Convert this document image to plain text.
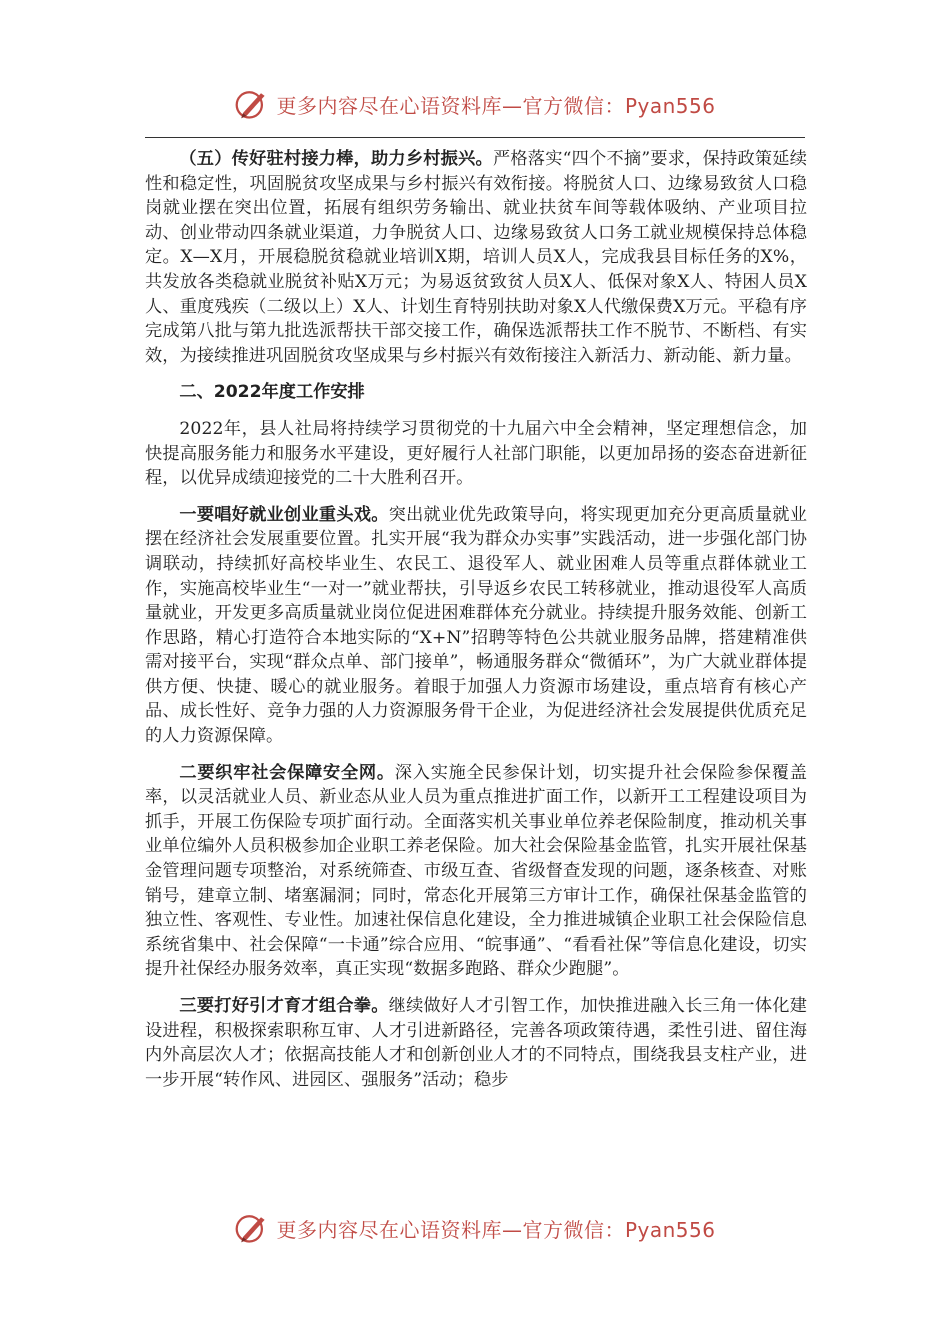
更多内容尽在心语资料库—官方微信：Pyan556

（五）传好驻村接力棒，助力乡村振兴。严格落实“四个不摘”要求，保持政策延续性和稳定性，巩固脱贫攻坚成果与乡村振兴有效衔接。将脱贫人口、边缘易致贫人口稳岗就业摆在突出位置，拓展有组织劳务输出、就业扶贫车间等载体吸纳、产业项目拉动、创业带动四条就业渠道，力争脱贫人口、边缘易致贫人口务工就业规模保持总体稳定。X—X月，开展稳脱贫稳就业培训X期，培训人员X人，完成我县目标任务的X%，共发放各类稳就业脱贫补贴X万元；为易返贫致贫人员X人、低保对象X人、特困人员X人、重度残疾（二级以上）X人、计划生育特别扶助对象X人代缴保费X万元。平稳有序完成第八批与第九批选派帮扶干部交接工作，确保选派帮扶工作不脱节、不断档、有实效，为接续推进巩固脱贫攻坚成果与乡村振兴有效衔接注入新活力、新动能、新力量。

二、2022年度工作安排

2022年，县人社局将持续学习贯彻党的十九届六中全会精神，坚定理想信念，加快提高服务能力和服务水平建设，更好履行人社部门职能，以更加昂扬的姿态奋进新征程，以优异成绩迎接党的二十大胜利召开。

一要唱好就业创业重头戏。突出就业优先政策导向，将实现更加充分更高质量就业摆在经济社会发展重要位置。扎实开展“我为群众办实事”实践活动，进一步强化部门协调联动，持续抓好高校毕业生、农民工、退役军人、就业困难人员等重点群体就业工作，实施高校毕业生“一对一”就业帮扶，引导返乡农民工转移就业，推动退役军人高质量就业，开发更多高质量就业岗位促进困难群体充分就业。持续提升服务效能、创新工作思路，精心打造符合本地实际的“X+N”招聘等特色公共就业服务品牌，搭建精准供需对接平台，实现“群众点单、部门接单”，畅通服务群众“微循环”，为广大就业群体提供方便、快捷、暖心的就业服务。着眼于加强人力资源市场建设，重点培育有核心产品、成长性好、竞争力强的人力资源服务骨干企业，为促进经济社会发展提供优质充足的人力资源保障。

二要织牢社会保障安全网。深入实施全民参保计划，切实提升社会保险参保覆盖率，以灵活就业人员、新业态从业人员为重点推进扩面工作，以新开工工程建设项目为抓手，开展工伤保险专项扩面行动。全面落实机关事业单位养老保险制度，推动机关事业单位编外人员积极参加企业职工养老保险。加大社会保险基金监管，扎实开展社保基金管理问题专项整治，对系统筛查、市级互查、省级督查发现的问题，逐条核查、对账销号，建章立制、堵塞漏洞；同时，常态化开展第三方审计工作，确保社保基金监管的独立性、客观性、专业性。加速社保信息化建设，全力推进城镇企业职工社会保险信息系统省集中、社会保障“一卡通”综合应用、“皖事通”、“看看社保”等信息化建设，切实提升社保经办服务效率，真正实现“数据多跑路、群众少跑腿”。

三要打好引才育才组合拳。继续做好人才引智工作，加快推进融入长三角一体化建设进程，积极探索职称互审、人才引进新路径，完善各项政策待遇，柔性引进、留住海内外高层次人才；依据高技能人才和创新创业人才的不同特点，围绕我县支柱产业，进一步开展“转作风、进园区、强服务”活动；稳步

更多内容尽在心语资料库—官方微信：Pyan556
